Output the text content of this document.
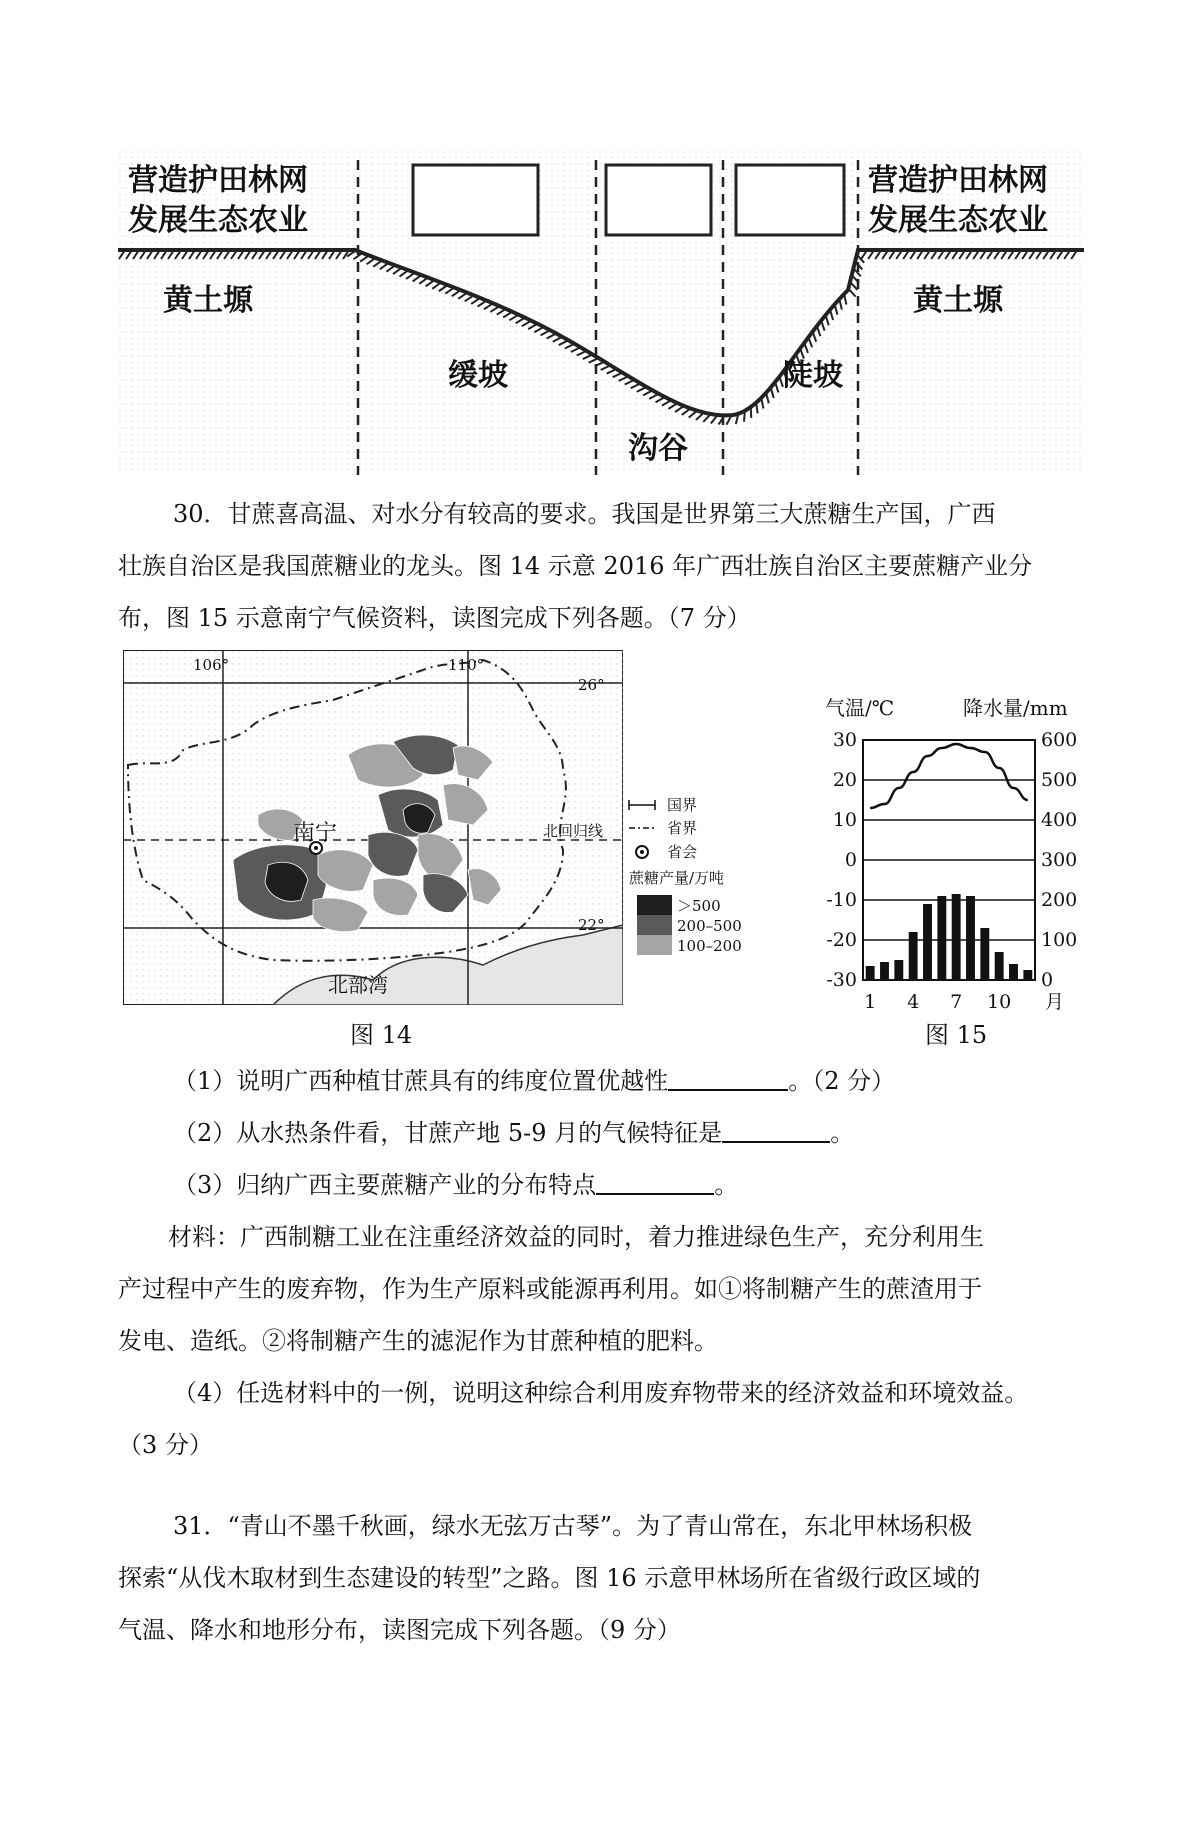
营造护田林网
发展生态农业
营造护田林网
发展生态农业
黄土塬	黄土塬
缓坡	陡坡
沟谷
30．甘蔗喜高温、对水分有较高的要求。我国是世界第三大蔗糖生产国，广西
壮族自治区是我国蔗糖业的龙头。图 14 示意 2016 年广西壮族自治区主要蔗糖产业分
布，图 15 示意南宁气候资料，读图完成下列各题。（7 分）
106°	110°
26°
22°
北回归线
南宁
北部湾
国界
省界
省会
蔗糖产量/万吨
＞500
200–500
100–200
图 14
气温/℃	降水量/mm
30
20
10
0
-10
-20
-30
600
500
400
300
200
100
0
1 4 7 10 月
图 15
（1）说明广西种植甘蔗具有的纬度位置优越性	。（2 分）
（2）从水热条件看，甘蔗产地 5-9 月的气候特征是	。
（3）归纳广西主要蔗糖产业的分布特点	。
材料：广西制糖工业在注重经济效益的同时，着力推进绿色生产，充分利用生
产过程中产生的废弃物，作为生产原料或能源再利用。如①将制糖产生的蔗渣用于
发电、造纸。②将制糖产生的滤泥作为甘蔗种植的肥料。
（4）任选材料中的一例，说明这种综合利用废弃物带来的经济效益和环境效益。
（3 分）
31．“青山不墨千秋画，绿水无弦万古琴”。为了青山常在，东北甲林场积极
探索“从伐木取材到生态建设的转型”之路。图 16 示意甲林场所在省级行政区域的
气温、降水和地形分布，读图完成下列各题。（9 分）
